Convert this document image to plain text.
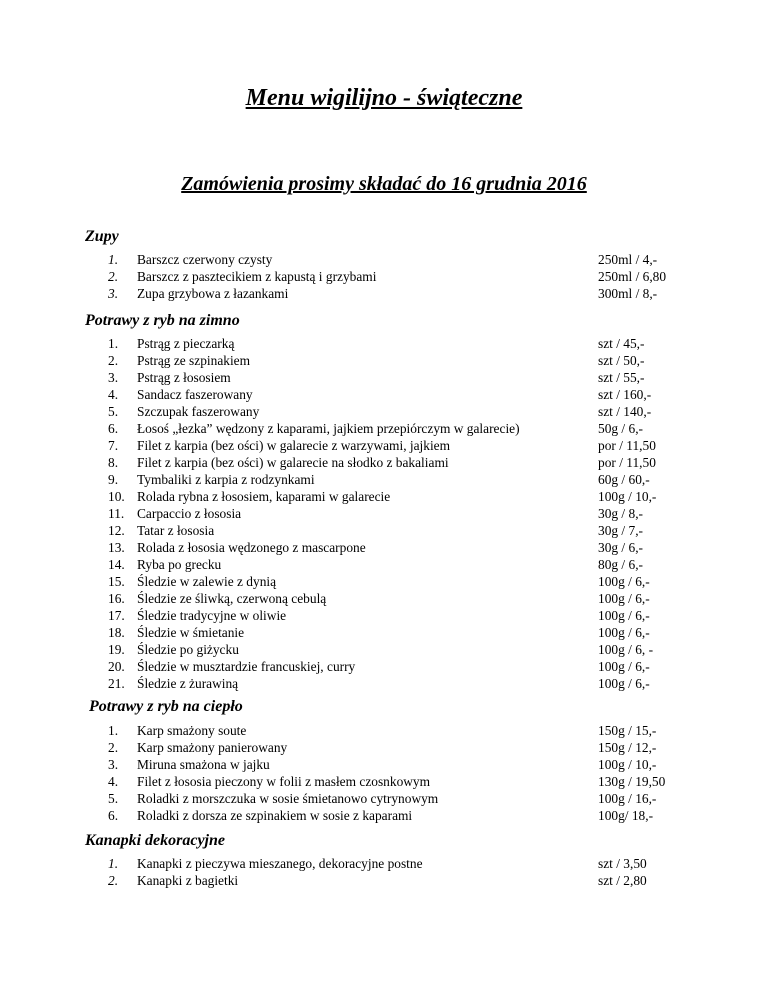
Menu wigilijno - świąteczne
Zamówienia prosimy składać do 16 grudnia 2016
Zupy
1.	Barszcz czerwony czysty	250ml / 4,-
2.	Barszcz z pasztecikiem z kapustą i grzybami	250ml / 6,80
3.	Zupa grzybowa z łazankami	300ml / 8,-
Potrawy z ryb na zimno
1.	Pstrąg z pieczarką	szt / 45,-
2.	Pstrąg ze szpinakiem	szt / 50,-
3.	Pstrąg z łososiem	szt / 55,-
4.	Sandacz faszerowany	szt / 160,-
5.	Szczupak faszerowany	szt / 140,-
6.	Łosoś „łezka” wędzony z kaparami, jajkiem przepiórczym w galarecie)	50g / 6,-
7.	Filet z karpia (bez ości) w galarecie z warzywami, jajkiem	por / 11,50
8.	Filet z karpia (bez ości) w galarecie na słodko z bakaliami	por / 11,50
9.	Tymbaliki z karpia z rodzynkami	60g / 60,-
10. Rolada rybna z łososiem, kaparami w galarecie	100g / 10,-
11. Carpaccio z łososia	30g / 8,-
12. Tatar z łososia	30g / 7,-
13. Rolada z łososia wędzonego z mascarpone	30g / 6,-
14. Ryba po grecku	80g / 6,-
15. Śledzie w zalewie z dynią	100g / 6,-
16. Śledzie ze śliwką, czerwoną cebulą	100g / 6,-
17. Śledzie tradycyjne w oliwie	100g / 6,-
18. Śledzie w śmietanie	100g / 6,-
19. Śledzie po giżycku	100g / 6, -
20. Śledzie w musztardzie francuskiej, curry	100g / 6,-
21. Śledzie z żurawiną	100g / 6,-
Potrawy z ryb na ciepło
1.	Karp smażony soute	150g / 15,-
2.	Karp smażony panierowany	150g / 12,-
3.	Miruna smażona w jajku	100g / 10,-
4.	Filet z łososia pieczony w folii z masłem czosnkowym	130g / 19,50
5.	Roladki z morszczuka w sosie śmietanowo cytrynowym	100g / 16,-
6.	Roladki z dorsza ze szpinakiem w sosie z kaparami	100g/ 18,-
Kanapki dekoracyjne
1.	Kanapki z pieczywa mieszanego, dekoracyjne postne	szt / 3,50
2.	Kanapki z bagietki	szt / 2,80
